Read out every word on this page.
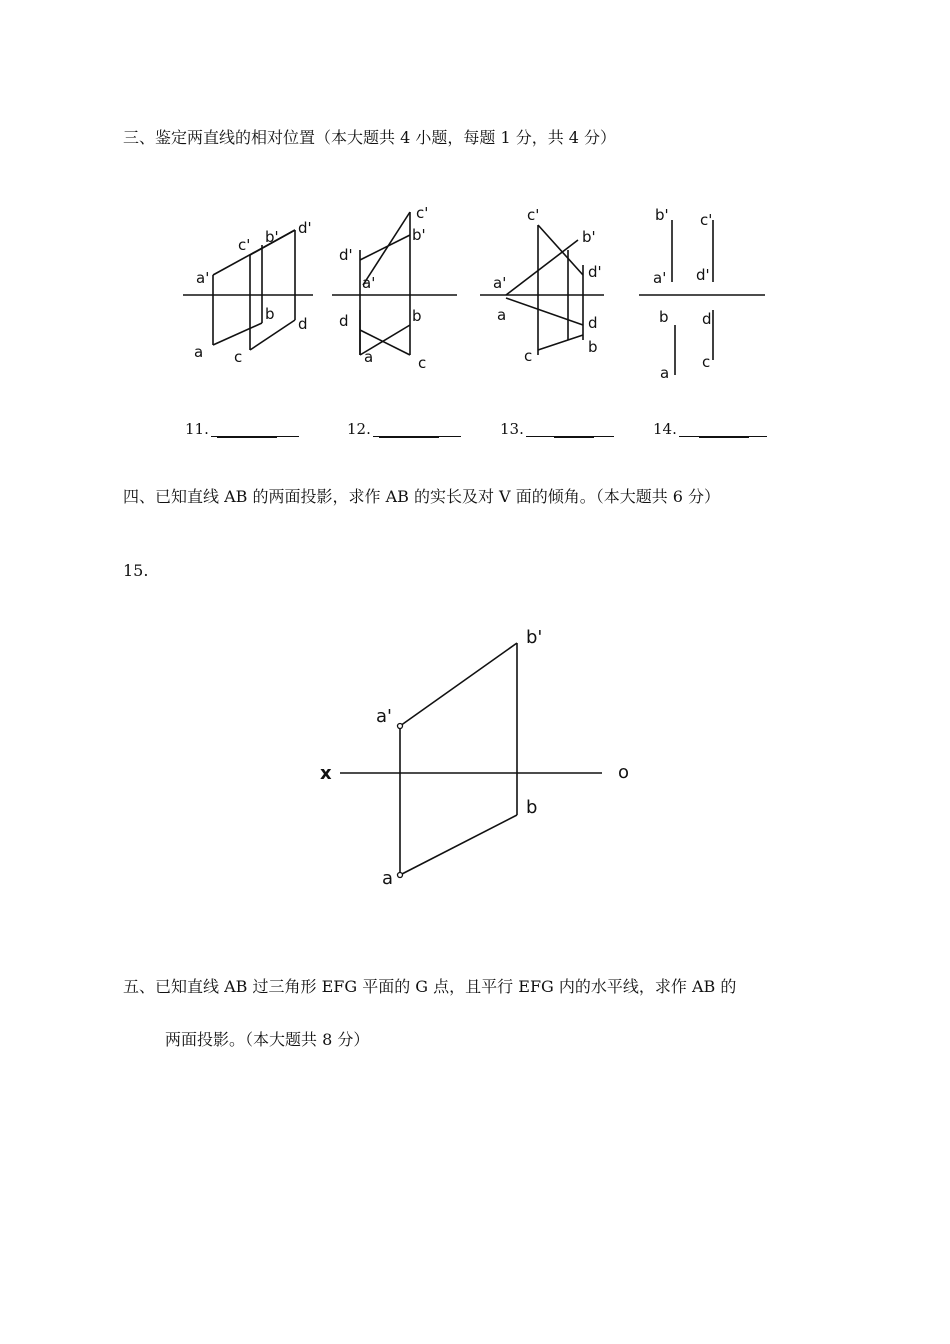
三、鉴定两直线的相对位置（本大题共 4 小题，每题 1 分，共 4 分）
a'
c' b' d'
b
d
a c
c'
b'
d'
a'
d	b
a	c
c'
b'
a'
d'
a	d
c	b
b' c'
a' d'
b d
a
c
11.	12.	13.	14.
四、已知直线 AB 的两面投影，求作 AB 的实长及对 V 面的倾角。（本大题共 6 分）
15.
b'
a'
x	o
b
a
五、已知直线 AB 过三角形 EFG 平面的 G 点，且平行 EFG 内的水平线，求作 AB 的
两面投影。（本大题共 8 分）
